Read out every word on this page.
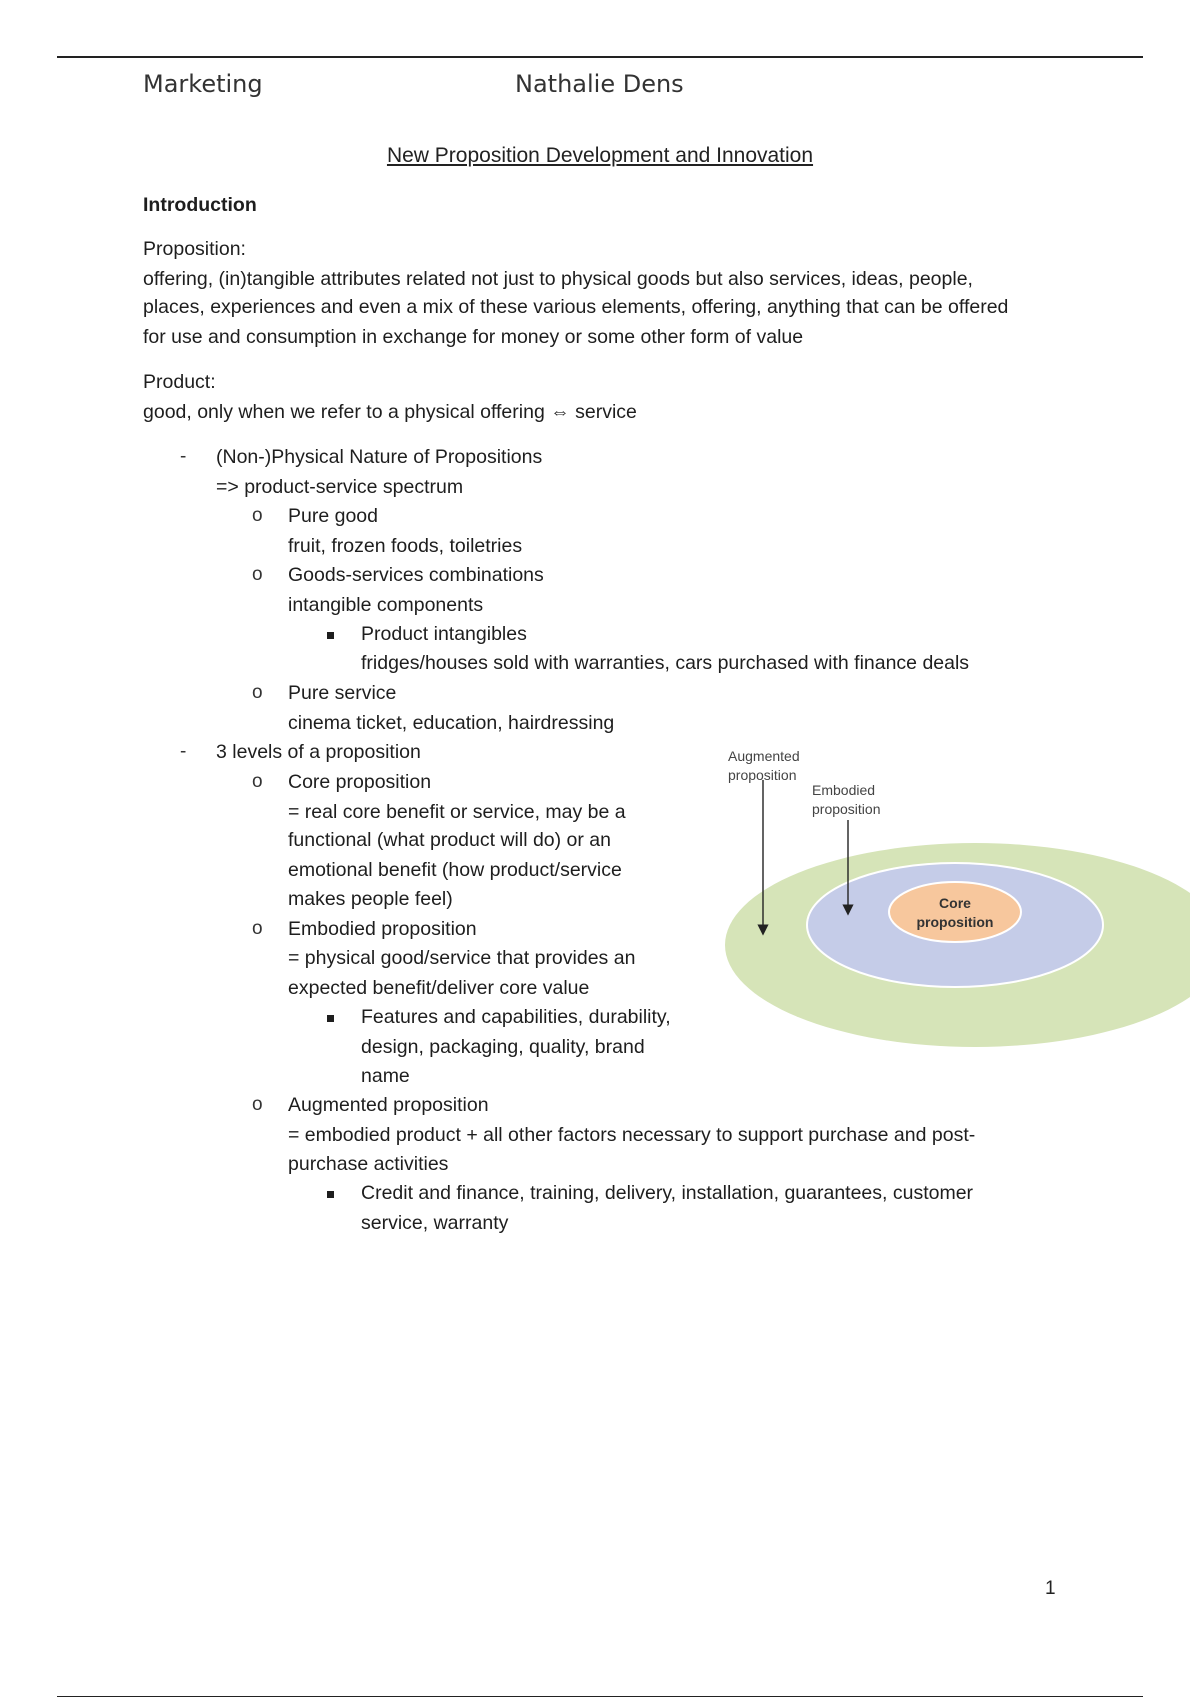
Marketing	Nathalie Dens
New Proposition Development and Innovation
Introduction
Proposition:
offering, (in)tangible attributes related not just to physical goods but also services, ideas, people,
places, experiences and even a mix of these various elements, offering, anything that can be offered
for use and consumption in exchange for money or some other form of value
Product:
good, only when we refer to a physical offering ⇔ service
- (Non-)Physical Nature of Propositions
=> product-service spectrum
o Pure good
fruit, frozen foods, toiletries
o Goods-services combinations
intangible components
Product intangibles
fridges/houses sold with warranties, cars purchased with finance deals
o Pure service
cinema ticket, education, hairdressing
- 3 levels of a proposition
o Core proposition
= real core benefit or service, may be a
functional (what product will do) or an
emotional benefit (how product/service
makes people feel)
o Embodied proposition
= physical good/service that provides an
expected benefit/deliver core value
Features and capabilities, durability,
design, packaging, quality, brand
name
o Augmented proposition
= embodied product + all other factors necessary to support purchase and post-
purchase activities
Credit and finance, training, delivery, installation, guarantees, customer
service, warranty
Augmented
proposition
Embodied
proposition
Core
proposition
1
